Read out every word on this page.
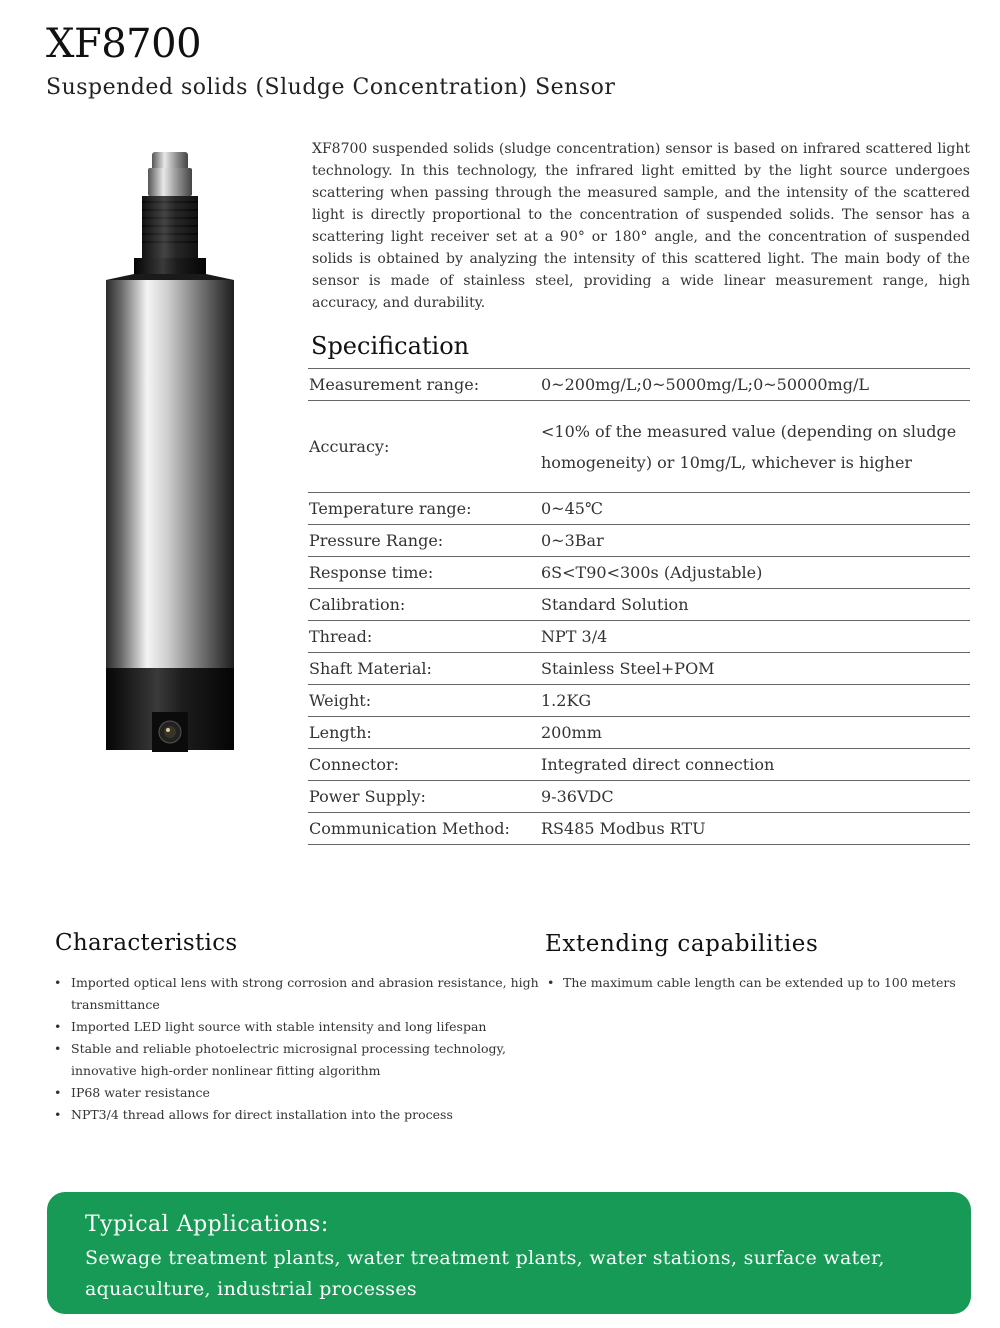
XF8700
Suspended solids (Sludge Concentration) Sensor

XF8700 suspended solids (sludge concentration) sensor is based on infrared scattered light technology. In this technology, the infrared light emitted by the light source undergoes scattering when passing through the measured sample, and the intensity of the scattered light is directly proportional to the concentration of suspended solids. The sensor has a scattering light receiver set at a 90° or 180° angle, and the concentration of suspended solids is obtained by analyzing the intensity of this scattered light. The main body of the sensor is made of stainless steel, providing a wide linear measurement range, high accuracy, and durability.

Specification
Measurement range:	0~200mg/L;0~5000mg/L;0~50000mg/L
Accuracy:
<10% of the measured value (depending on sludge homogeneity) or 10mg/L, whichever is higher
Temperature range:	0~45℃
Pressure Range:	0~3Bar
Response time:	6S<T90<300s (Adjustable)
Calibration:	Standard Solution
Thread:	NPT 3/4
Shaft Material:	Stainless Steel+POM
Weight:	1.2KG
Length:	200mm
Connector:	Integrated direct connection
Power Supply:	9-36VDC
Communication Method:	RS485 Modbus RTU
Characteristics
• Imported optical lens with strong corrosion and abrasion resistance, high transmittance
• Imported LED light source with stable intensity and long lifespan
• Stable and reliable photoelectric microsignal processing technology, innovative high-order nonlinear fitting algorithm
• IP68 water resistance
• NPT3/4 thread allows for direct installation into the process
Extending capabilities
• The maximum cable length can be extended up to 100 meters
Typical Applications:
Sewage treatment plants, water treatment plants, water stations, surface water, aquaculture, industrial processes
